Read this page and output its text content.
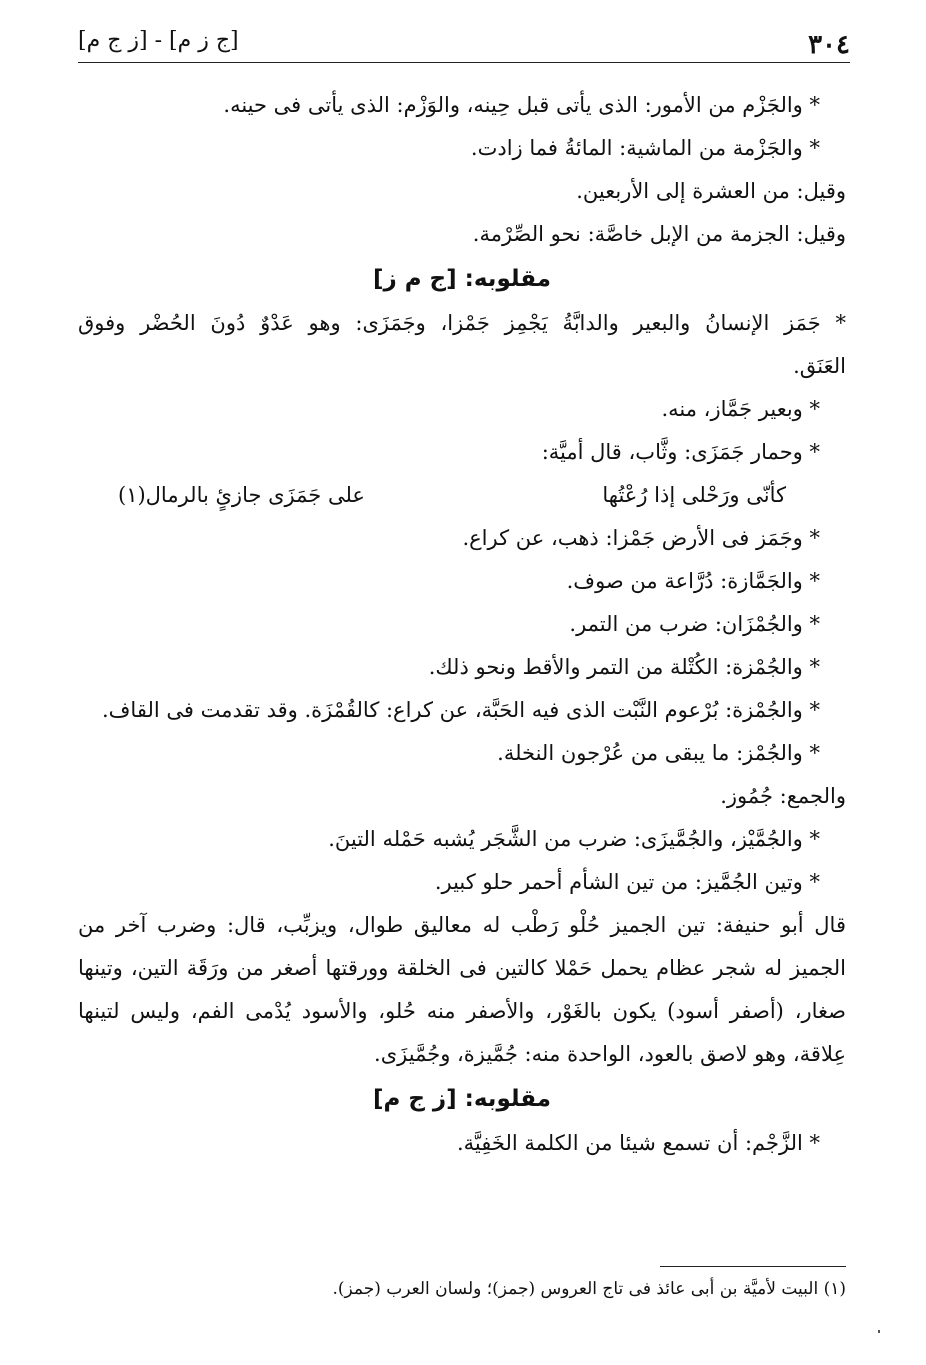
٣٠٤
[ج ز م] - [ز ج م]
* والجَزْم من الأمور: الذى يأتى قبل حِينه، والوَزْم: الذى يأتى فى حينه.
* والجَزْمة من الماشية: المائةُ فما زادت.
وقيل: من العشرة إلى الأربعين.
وقيل: الجزمة من الإبل خاصَّة: نحو الصِّرْمة.
مقلوبه: [ج م ز]
* جَمَز الإنسانُ والبعير والدابَّةُ يَجْمِز جَمْزا، وجَمَزَى: وهو عَدْوٌ دُونَ الحُضْر وفوق
العَنَق.
* وبعير جَمَّاز، منه.
* وحمار جَمَزَى: وثَّاب، قال أميَّة:
كأنّى ورَحْلى إذا رُعْتُها
على جَمَزَى جازئٍ بالرمال(١)
* وجَمَز فى الأرض جَمْزا: ذهب، عن كراع.
* والجَمَّازة: دُرَّاعة من صوف.
* والجُمْزَان: ضرب من التمر.
* والجُمْزة: الكُتْلة من التمر والأقط ونحو ذلك.
* والجُمْزة: بُرْعوم النَّبْت الذى فيه الحَبَّة، عن كراع: كالقُمْزَة. وقد تقدمت فى القاف.
* والجُمْز: ما يبقى من عُرْجون النخلة.
والجمع: جُمُوز.
* والجُمَّيْز، والجُمَّيزَى: ضرب من الشَّجَر يُشبه حَمْله التينَ.
* وتين الجُمَّيز: من تين الشأم أحمر حلو كبير.
قال أبو حنيفة: تين الجميز حُلْو رَطْب له معاليق طوال، ويزبِّب، قال: وضرب آخر من
الجميز له شجر عظام يحمل حَمْلا كالتين فى الخلقة وورقتها أصغر من ورَقَة التين، وتينها
صغار، (أصفر أسود) يكون بالغَوْر، والأصفر منه حُلو، والأسود يُدْمى الفم، وليس لتينها
عِلاقة، وهو لاصق بالعود، الواحدة منه: جُمَّيزة، وجُمَّيزَى.
مقلوبه: [ز ج م]
* الزَّجْم: أن تسمع شيئا من الكلمة الخَفِيَّة.
(١) البيت لأميَّة بن أبى عائذ فى تاج العروس (جمز)؛ ولسان العرب (جمز).
